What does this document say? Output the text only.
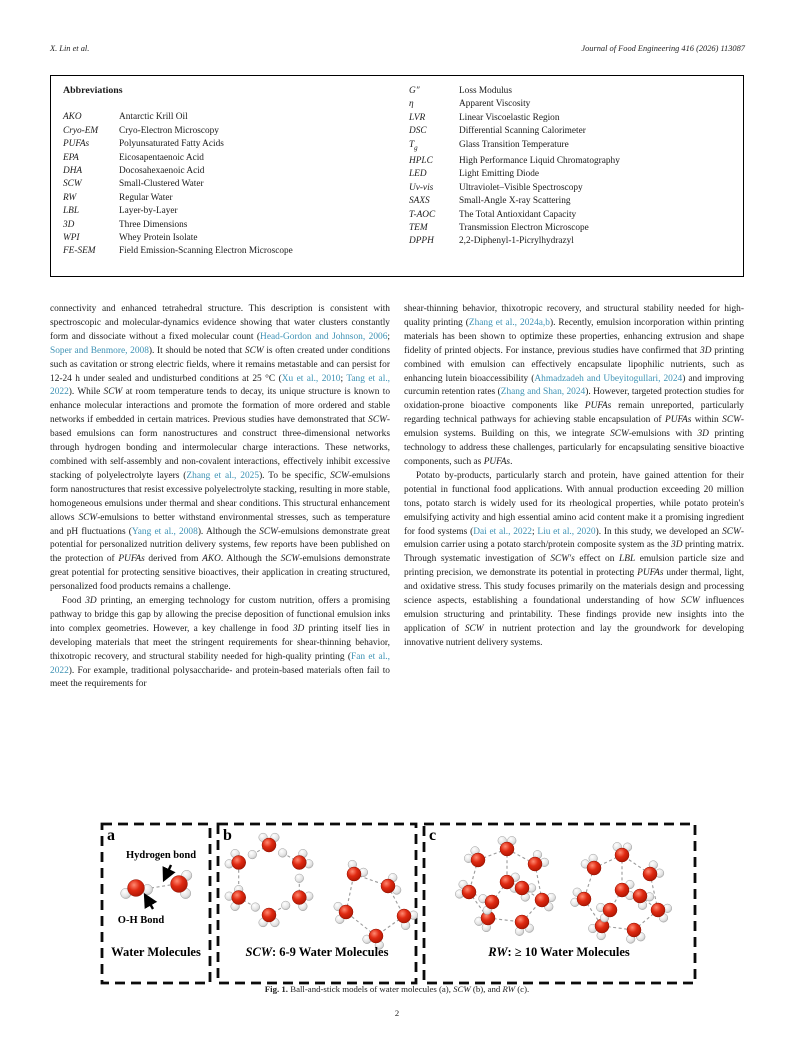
X. Lin et al.	Journal of Food Engineering 416 (2026) 113087
Abbreviations
AKO	Antarctic Krill Oil
Cryo-EM	Cryo-Electron Microscopy
PUFAs	Polyunsaturated Fatty Acids
EPA	Eicosapentaenoic Acid
DHA	Docosahexaenoic Acid
SCW	Small-Clustered Water
RW	Regular Water
LBL	Layer-by-Layer
3D	Three Dimensions
WPI	Whey Protein Isolate
FE-SEM	Field Emission-Scanning Electron Microscope
G″	Loss Modulus
η	Apparent Viscosity
LVR	Linear Viscoelastic Region
DSC	Differential Scanning Calorimeter
$T_g$	Glass Transition Temperature
HPLC	High Performance Liquid Chromatography
LED	Light Emitting Diode
Uv-vis	Ultraviolet–Visible Spectroscopy
SAXS	Small-Angle X-ray Scattering
T-AOC	The Total Antioxidant Capacity
TEM	Transmission Electron Microscope
DPPH	2,2-Diphenyl-1-Picrylhydrazyl

connectivity and enhanced tetrahedral structure. This description is consistent with spectroscopic and molecular-dynamics evidence showing that water clusters constantly form and dissociate without a fixed molecular count (Head-Gordon and Johnson, 2006; Soper and Benmore, 2008). It should be noted that SCW is often created under conditions such as cavitation or strong electric fields, where it remains metastable and can persist for 12-24 h under sealed and undisturbed conditions at 25 °C (Xu et al., 2010; Tang et al., 2022). While SCW at room temperature tends to decay, its unique structure is known to enhance molecular interactions and promote the formation of more ordered and stable networks if embedded in certain matrices. Previous studies have demonstrated that SCW-based emulsions can form nanostructures and construct three-dimensional networks through hydrogen bonding and intermolecular charge interactions. These networks, combined with self-assembly and non-covalent interactions, effectively inhibit excessive stacking of polyelectrolyte layers (Zhang et al., 2025). To be specific, SCW-emulsions form nanostructures that resist excessive polyelectrolyte stacking, resulting in more stable, homogeneous emulsions under thermal and shear conditions. This structural enhancement allows SCW-emulsions to better withstand environmental stresses, such as temperature and pH fluctuations (Yang et al., 2008). Although the SCW-emulsions demonstrate great potential for personalized nutrition delivery systems, few reports have been published on the protection of PUFAs derived from AKO. Although the SCW-emulsions demonstrate great potential for protecting sensitive bioactives, their application in creating structured, personalized food products remains a challenge.

Food 3D printing, an emerging technology for custom nutrition, offers a promising pathway to bridge this gap by allowing the precise deposition of functional emulsion inks into complex geometries. However, a key challenge in food 3D printing itself lies in developing materials that meet the stringent requirements for shear-thinning behavior, thixotropic recovery, and structural stability needed for high-quality printing (Fan et al., 2022). For example, traditional polysaccharide- and protein-based materials often fail to meet the requirements for

shear-thinning behavior, thixotropic recovery, and structural stability needed for high-quality printing (Zhang et al., 2024a,b). Recently, emulsion incorporation within printing materials has been shown to optimize these properties, enhancing extrusion and shape fidelity of printed objects. For instance, previous studies have confirmed that 3D printing combined with emulsion can effectively encapsulate lipophilic nutrients, such as enhancing lutein bioaccessibility (Ahmadzadeh and Ubeyitogullari, 2024) and improving curcumin retention rates (Zhang and Shan, 2024). However, targeted protection studies for oxidation-prone bioactive components like PUFAs remain unreported, particularly regarding technical pathways for achieving stable encapsulation of PUFAs within SCW-emulsion systems. Building on this, we integrate SCW-emulsions with 3D printing technology to address these challenges, particularly for encapsulating sensitive bioactive components, such as PUFAs.

Potato by-products, particularly starch and protein, have gained attention for their potential in functional food applications. With annual production exceeding 20 million tons, potato starch is widely used for its rheological properties, while potato protein's emulsifying activity and high essential amino acid content make it a promising ingredient for food systems (Dai et al., 2022; Liu et al., 2020). In this study, we developed an SCW-emulsion carrier using a potato starch/protein composite system as the 3D printing matrix. Through systematic investigation of SCW's effect on LBL emulsion particle size and printing precision, we demonstrate its potential in protecting PUFAs under thermal, light, and oxidative stress. This study focuses primarily on the materials design and processing science aspects, establishing a foundational understanding of how SCW influences emulsion structuring and printability. These findings provide new insights into the application of SCW in nutrient protection and lay the groundwork for developing innovative nutrient delivery systems.

a
Hydrogen bond
O-H Bond
Water Molecules
b
SCW: 6-9 Water Molecules
c
RW: ≥ 10 Water Molecules
Fig. 1. Ball-and-stick models of water molecules (a), SCW (b), and RW (c).
2
